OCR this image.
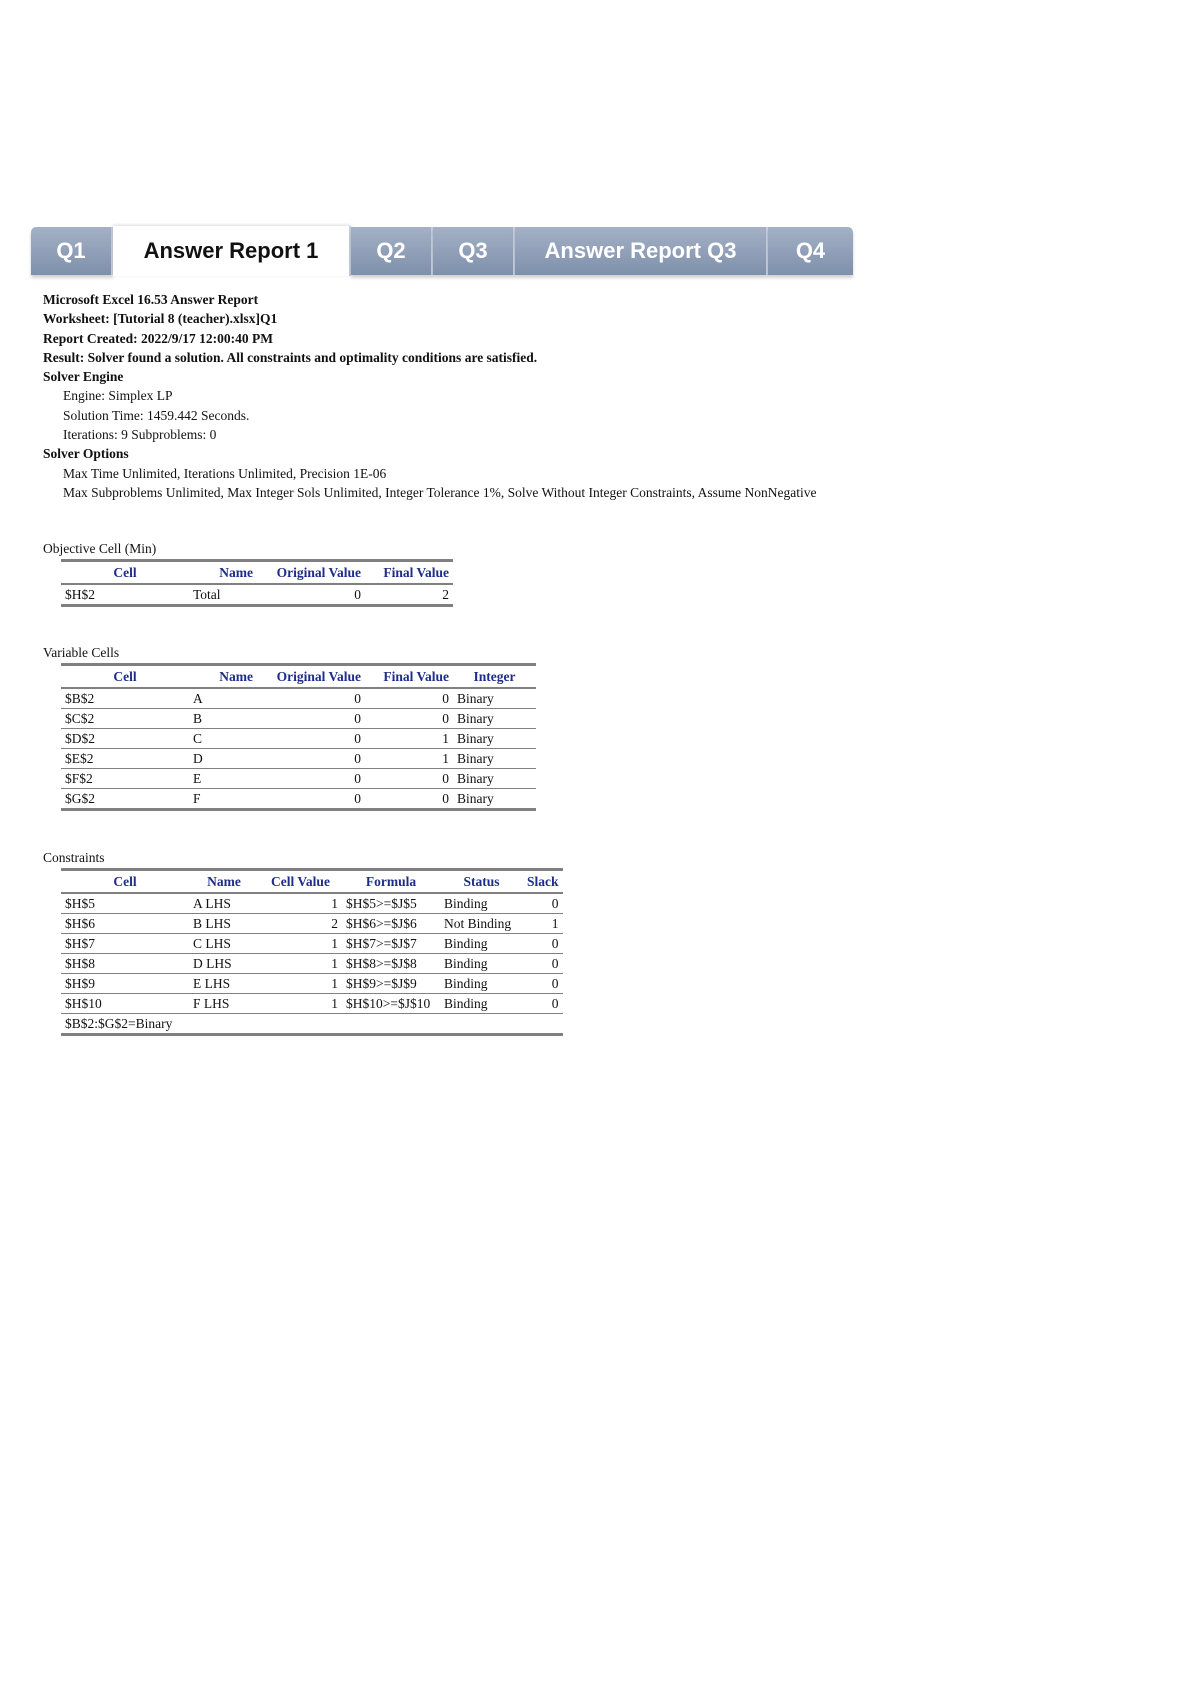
Q1	Answer Report 1	Q2	Q3	Answer Report Q3	Q4
Microsoft Excel 16.53 Answer Report
Worksheet: [Tutorial 8 (teacher).xlsx]Q1
Report Created: 2022/9/17 12:00:40 PM
Result: Solver found a solution. All constraints and optimality conditions are satisfied.
Solver Engine
Engine: Simplex LP
Solution Time: 1459.442 Seconds.
Iterations: 9 Subproblems: 0
Solver Options
Max Time Unlimited, Iterations Unlimited, Precision 1E-06
Max Subproblems Unlimited, Max Integer Sols Unlimited, Integer Tolerance 1%, Solve Without Integer Constraints, Assume NonNegative
Objective Cell (Min)
Cell	Name	Original Value	Final Value
$H$2	Total	0	2
Variable Cells
Cell	Name	Original Value	Final Value	Integer
$B$2	A	0	0	Binary
$C$2	B	0	0	Binary
$D$2	C	0	1	Binary
$E$2	D	0	1	Binary
$F$2	E	0	0	Binary
$G$2	F	0	0	Binary
Constraints
Cell	Name	Cell Value	Formula	Status	Slack
$H$5	A LHS	1	$H$5>=$J$5	Binding	0
$H$6	B LHS	2	$H$6>=$J$6	Not Binding	1
$H$7	C LHS	1	$H$7>=$J$7	Binding	0
$H$8	D LHS	1	$H$8>=$J$8	Binding	0
$H$9	E LHS	1	$H$9>=$J$9	Binding	0
$H$10	F LHS	1	$H$10>=$J$10	Binding	0
$B$2:$G$2=Binary					
